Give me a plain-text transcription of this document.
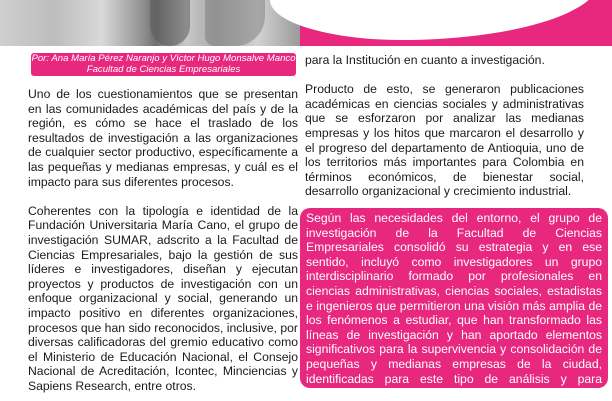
Por: Ana María Pérez Naranjo y Víctor Hugo Monsalve Manco
Facultad de Ciencias Empresariales

Uno de los cuestionamientos que se presentan en las comunidades académicas del país y de la región, es cómo se hace el traslado de los resultados de investigación a las organizaciones de cualquier sector productivo, específicamente a las pequeñas y medianas empresas, y cuál es el impacto para sus diferentes procesos.

Coherentes con la tipología e identidad de la Fundación Universitaria María Cano, el grupo de investigación SUMAR, adscrito a la Facultad de Ciencias Empresariales, bajo la gestión de sus líderes e investigadores, diseñan y ejecutan proyectos y productos de investigación con un enfoque organizacional y social, generando un impacto positivo en diferentes organizaciones, procesos que han sido reconocidos, inclusive, por diversas calificadoras del gremio educativo como el Ministerio de Educación Nacional, el Consejo Nacional de Acreditación, Icontec, Minciencias y Sapiens Research, entre otros.

para la Institución en cuanto a investigación.

Producto de esto, se generaron publicaciones académicas en ciencias sociales y administrativas que se esforzaron por analizar las medianas empresas y los hitos que marcaron el desarrollo y el progreso del departamento de Antioquia, uno de los territorios más importantes para Colombia en términos económicos, de bienestar social, desarrollo organizacional y crecimiento industrial.

Según las necesidades del entorno, el grupo de investigación de la Facultad de Ciencias Empresariales consolidó su estrategia y en ese sentido, incluyó como investigadores un grupo interdisciplinario formado por profesionales en ciencias administrativas, ciencias sociales, estadistas e ingenieros que permitieron una visión más amplia de los fenómenos a estudiar, que han transformado las líneas de investigación y han aportado elementos significativos para la supervivencia y consolidación de pequeñas y medianas empresas de la ciudad, identificadas para este tipo de análisis y para intervenciones directas.
